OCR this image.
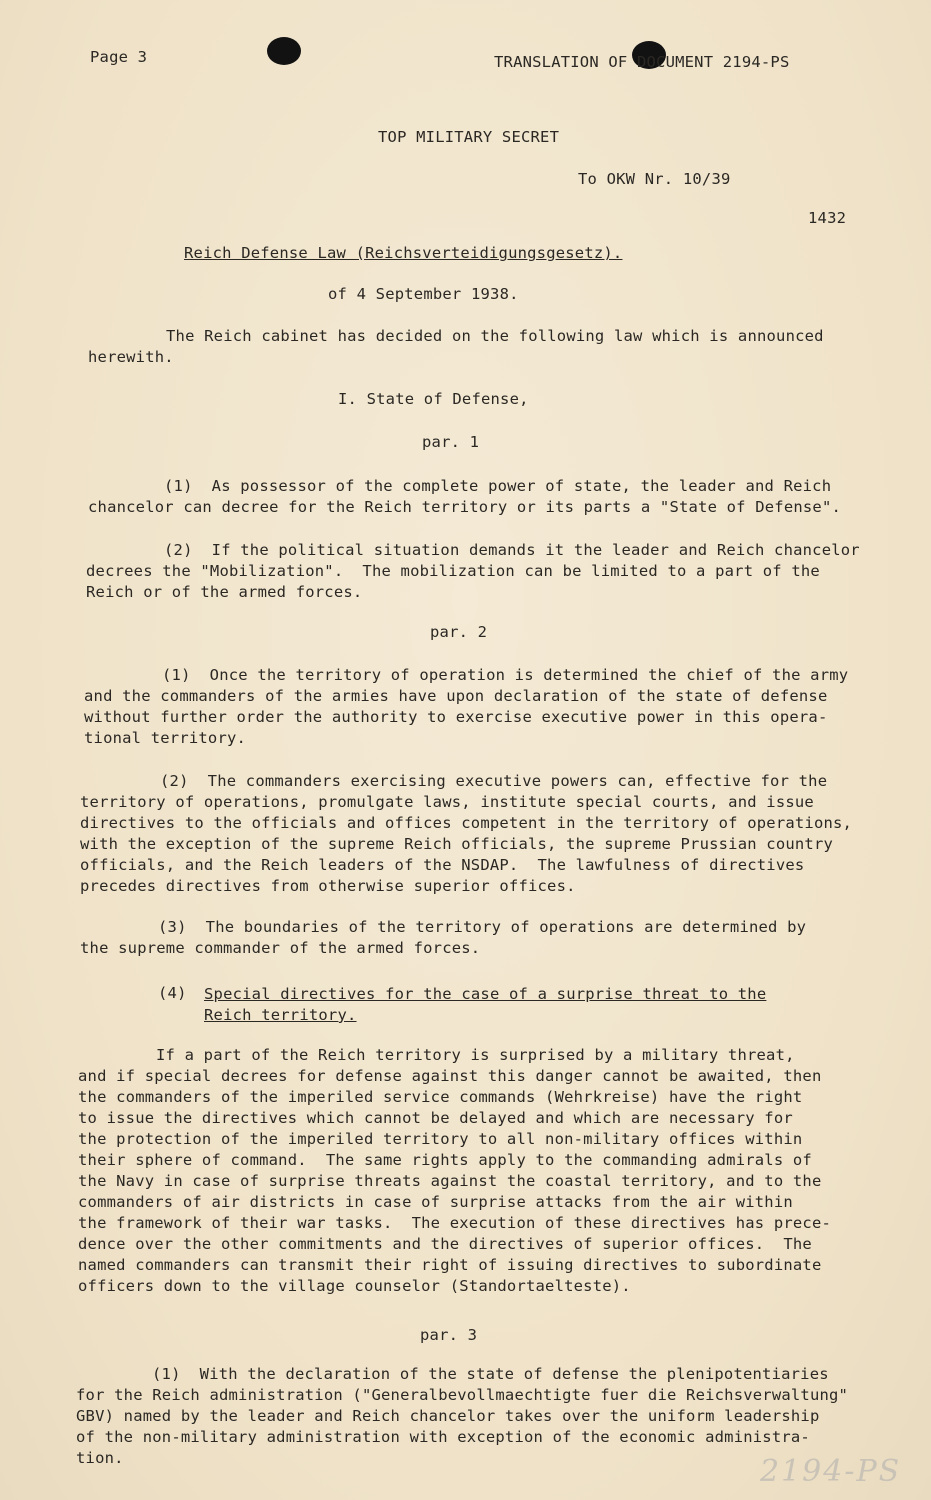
Page 3	TRANSLATION OF DOCUMENT 2194-PS
TOP MILITARY SECRET
To OKW Nr. 10/39
1432
Reich Defense Law (Reichsverteidigungsgesetz).
of 4 September 1938.
The Reich cabinet has decided on the following law which is announced
herewith.
I. State of Defense,
par. 1
(1)  As possessor of the complete power of state, the leader and Reich
chancelor can decree for the Reich territory or its parts a "State of Defense".
(2)  If the political situation demands it the leader and Reich chancelor
decrees the "Mobilization".  The mobilization can be limited to a part of the
Reich or of the armed forces.
par. 2
(1)  Once the territory of operation is determined the chief of the army
and the commanders of the armies have upon declaration of the state of defense
without further order the authority to exercise executive power in this opera-
tional territory.
(2)  The commanders exercising executive powers can, effective for the
territory of operations, promulgate laws, institute special courts, and issue
directives to the officials and offices competent in the territory of operations,
with the exception of the supreme Reich officials, the supreme Prussian country
officials, and the Reich leaders of the NSDAP.  The lawfulness of directives
precedes directives from otherwise superior offices.
(3)  The boundaries of the territory of operations are determined by
the supreme commander of the armed forces.
(4) Special directives for the case of a surprise threat to the
Reich territory.
If a part of the Reich territory is surprised by a military threat,
and if special decrees for defense against this danger cannot be awaited, then
the commanders of the imperiled service commands (Wehrkreise) have the right
to issue the directives which cannot be delayed and which are necessary for
the protection of the imperiled territory to all non-military offices within
their sphere of command.  The same rights apply to the commanding admirals of
the Navy in case of surprise threats against the coastal territory, and to the
commanders of air districts in case of surprise attacks from the air within
the framework of their war tasks.  The execution of these directives has prece-
dence over the other commitments and the directives of superior offices.  The
named commanders can transmit their right of issuing directives to subordinate
officers down to the village counselor (Standortaelteste).
par. 3
(1)  With the declaration of the state of defense the plenipotentiaries
for the Reich administration ("Generalbevollmaechtigte fuer die Reichsverwaltung"
GBV) named by the leader and Reich chancelor takes over the uniform leadership
of the non-military administration with exception of the economic administra-
tion.	2194-PS
